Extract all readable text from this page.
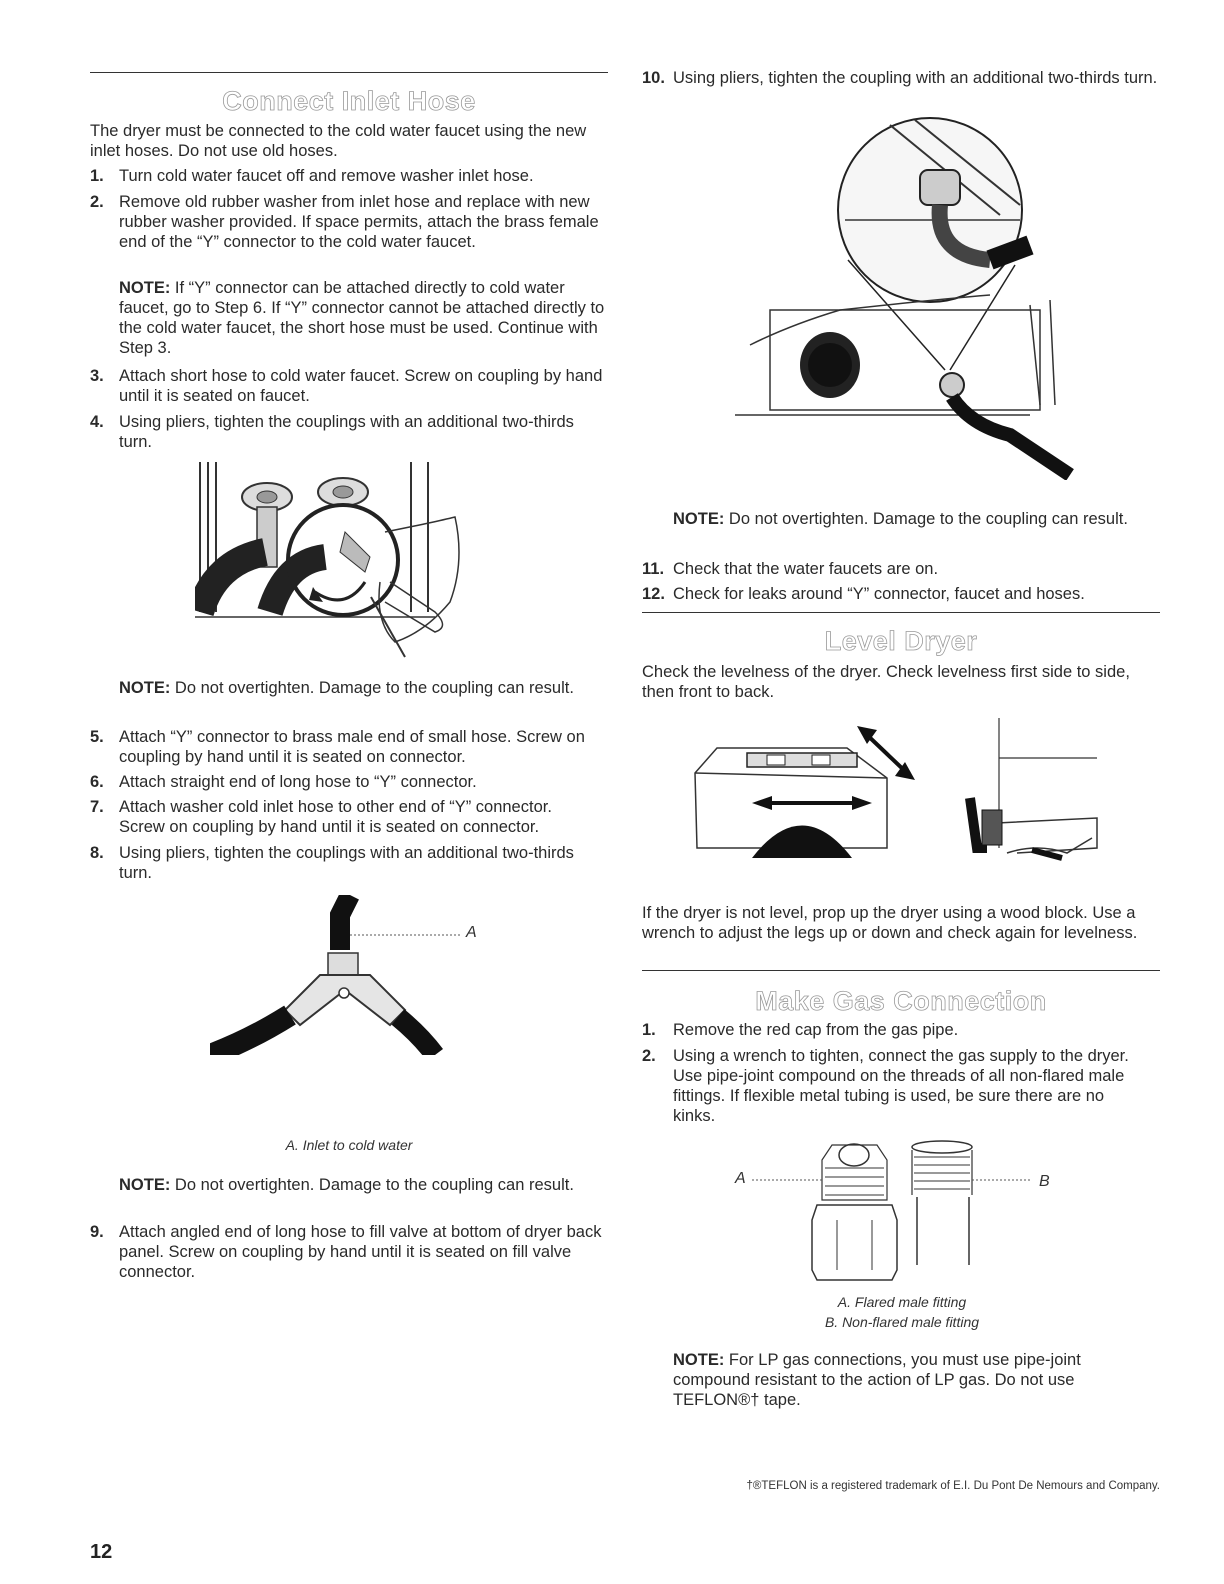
Connect Inlet Hose
The dryer must be connected to the cold water faucet using the new inlet hoses. Do not use old hoses.
1. Turn cold water faucet off and remove washer inlet hose.
2. Remove old rubber washer from inlet hose and replace with new rubber washer provided. If space permits, attach the brass female end of the “Y” connector to the cold water faucet.
NOTE: If “Y” connector can be attached directly to cold water faucet, go to Step 6. If “Y” connector cannot be attached directly to the cold water faucet, the short hose must be used. Continue with Step 3.
3. Attach short hose to cold water faucet. Screw on coupling by hand until it is seated on faucet.
4. Using pliers, tighten the couplings with an additional two-thirds turn.
NOTE: Do not overtighten. Damage to the coupling can result.
5. Attach “Y” connector to brass male end of small hose. Screw on coupling by hand until it is seated on connector.
6. Attach straight end of long hose to “Y” connector.
7. Attach washer cold inlet hose to other end of “Y” connector. Screw on coupling by hand until it is seated on connector.
8. Using pliers, tighten the couplings with an additional two-thirds turn.
A
A. Inlet to cold water
NOTE: Do not overtighten. Damage to the coupling can result.
9. Attach angled end of long hose to fill valve at bottom of dryer back panel. Screw on coupling by hand until it is seated on fill valve connector.
10. Using pliers, tighten the coupling with an additional two-thirds turn.
NOTE: Do not overtighten. Damage to the coupling can result.
11. Check that the water faucets are on.
12. Check for leaks around “Y” connector, faucet and hoses.
Level Dryer
Check the levelness of the dryer. Check levelness first side to side, then front to back.
If the dryer is not level, prop up the dryer using a wood block. Use a wrench to adjust the legs up or down and check again for levelness.
Make Gas Connection
1. Remove the red cap from the gas pipe.
2. Using a wrench to tighten, connect the gas supply to the dryer. Use pipe-joint compound on the threads of all non-flared male fittings. If flexible metal tubing is used, be sure there are no kinks.
A	B
A. Flared male fitting
B. Non-flared male fitting
NOTE: For LP gas connections, you must use pipe-joint compound resistant to the action of LP gas. Do not use TEFLON®† tape.
†®TEFLON is a registered trademark of E.I. Du Pont De Nemours and Company.
12
